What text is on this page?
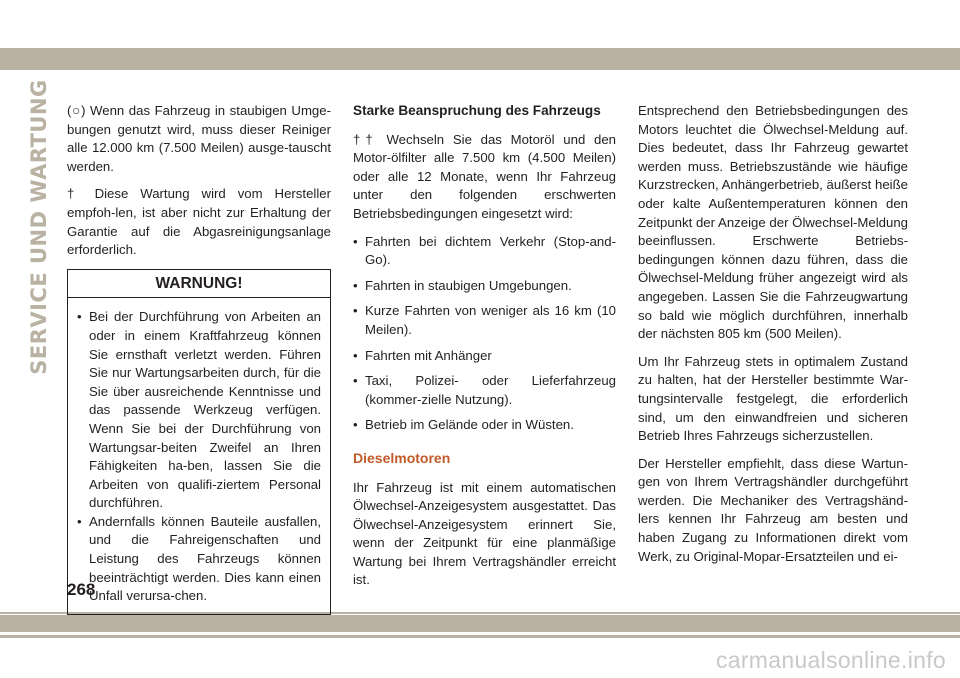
SERVICE UND WARTUNG (○) Wenn das Fahrzeug in staubigen Umge-bungen genutzt wird, muss dieser Reiniger alle 12.000 km (7.500 Meilen) ausge-tauscht werden.

† Diese Wartung wird vom Hersteller empfoh-len, ist aber nicht zur Erhaltung der Garantie auf die Abgasreinigungsanlage erforderlich.

WARNUNG!
• Bei der Durchführung von Arbeiten an oder in einem Kraftfahrzeug können Sie ernsthaft verletzt werden. Führen Sie nur Wartungsarbeiten durch, für die Sie über ausreichende Kenntnisse und das passende Werkzeug verfügen. Wenn Sie bei der Durchführung von Wartungsar-beiten Zweifel an Ihren Fähigkeiten ha-ben, lassen Sie die Arbeiten von qualifi-ziertem Personal durchführen.
• Andernfalls können Bauteile ausfallen, und die Fahreigenschaften und Leistung des Fahrzeugs können beeinträchtigt werden. Dies kann einen Unfall verursa-chen.
Starke Beanspruchung des Fahrzeugs

†† Wechseln Sie das Motoröl und den Motor-ölfilter alle 7.500 km (4.500 Meilen) oder alle 12 Monate, wenn Ihr Fahrzeug unter den folgenden erschwerten Betriebsbedingungen eingesetzt wird:

• Fahrten bei dichtem Verkehr (Stop-and-Go).
• Fahrten in staubigen Umgebungen.
• Kurze Fahrten von weniger als 16 km (10 Meilen).
• Fahrten mit Anhänger
• Taxi, Polizei- oder Lieferfahrzeug (kommer-zielle Nutzung).
• Betrieb im Gelände oder in Wüsten.
Dieselmotoren

Ihr Fahrzeug ist mit einem automatischen Ölwechsel-Anzeigesystem ausgestattet. Das Ölwechsel-Anzeigesystem erinnert Sie, wenn der Zeitpunkt für eine planmäßige Wartung bei Ihrem Vertragshändler erreicht ist.

Entsprechend den Betriebsbedingungen des Motors leuchtet die Ölwechsel-Meldung auf. Dies bedeutet, dass Ihr Fahrzeug gewartet werden muss. Betriebszustände wie häufige Kurzstrecken, Anhängerbetrieb, äußerst heiße oder kalte Außentemperaturen können den Zeitpunkt der Anzeige der Ölwechsel-Meldung beeinflussen. Erschwerte Betriebs-bedingungen können dazu führen, dass die Ölwechsel-Meldung früher angezeigt wird als angegeben. Lassen Sie die Fahrzeugwartung so bald wie möglich durchführen, innerhalb der nächsten 805 km (500 Meilen).

Um Ihr Fahrzeug stets in optimalem Zustand zu halten, hat der Hersteller bestimmte War-tungsintervalle festgelegt, die erforderlich sind, um den einwandfreien und sicheren Betrieb Ihres Fahrzeugs sicherzustellen.

Der Hersteller empfiehlt, dass diese Wartun-gen von Ihrem Vertragshändler durchgeführt werden. Die Mechaniker des Vertragshänd-lers kennen Ihr Fahrzeug am besten und haben Zugang zu Informationen direkt vom Werk, zu Original-Mopar-Ersatzteilen und ei-

268
carmanualsonline.info
